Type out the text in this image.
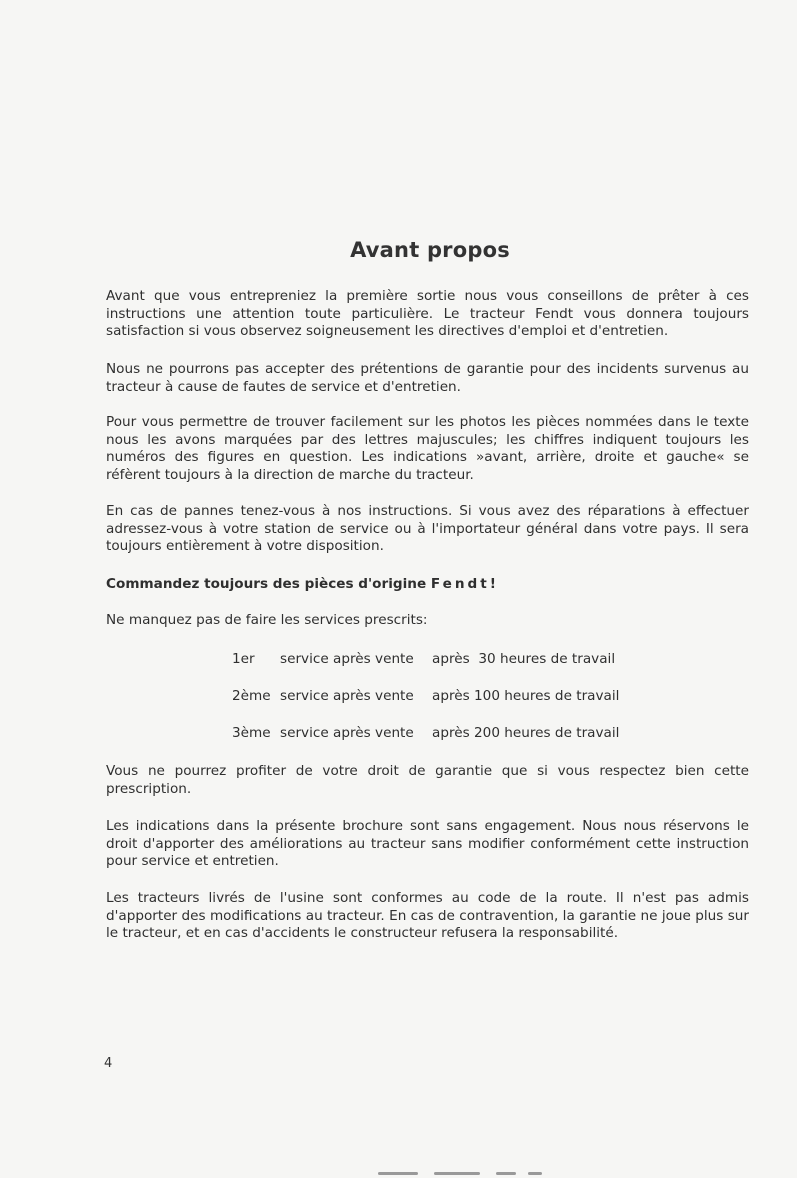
Avant propos
Avant que vous entrepreniez la première sortie nous vous conseillons de prêter à ces instructions une attention toute particulière. Le tracteur Fendt vous donnera toujours satisfaction si vous observez soigneusement les directives d'emploi et d'entretien.
Nous ne pourrons pas accepter des prétentions de garantie pour des incidents survenus au tracteur à cause de fautes de service et d'entretien.
Pour vous permettre de trouver facilement sur les photos les pièces nommées dans le texte nous les avons marquées par des lettres majuscules; les chiffres indiquent toujours les numéros des figures en question. Les indications »avant, arrière, droite et gauche« se réfèrent toujours à la direction de marche du tracteur.
En cas de pannes tenez-vous à nos instructions. Si vous avez des réparations à effectuer adressez-vous à votre station de service ou à l'importateur général dans votre pays. Il sera toujours entièrement à votre disposition.
Commandez toujours des pièces d'origine Fendt!
Ne manquez pas de faire les services prescrits:
1er service après vente après  30 heures de travail
2ème service après vente après 100 heures de travail
3ème service après vente après 200 heures de travail
Vous ne pourrez profiter de votre droit de garantie que si vous respectez bien cette prescription.
Les indications dans la présente brochure sont sans engagement. Nous nous réservons le droit d'apporter des améliorations au tracteur sans modifier conformément cette instruction pour service et entretien.
Les tracteurs livrés de l'usine sont conformes au code de la route. Il n'est pas admis d'apporter des modifications au tracteur. En cas de contravention, la garantie ne joue plus sur le tracteur, et en cas d'accidents le constructeur refusera la responsabilité.
4
